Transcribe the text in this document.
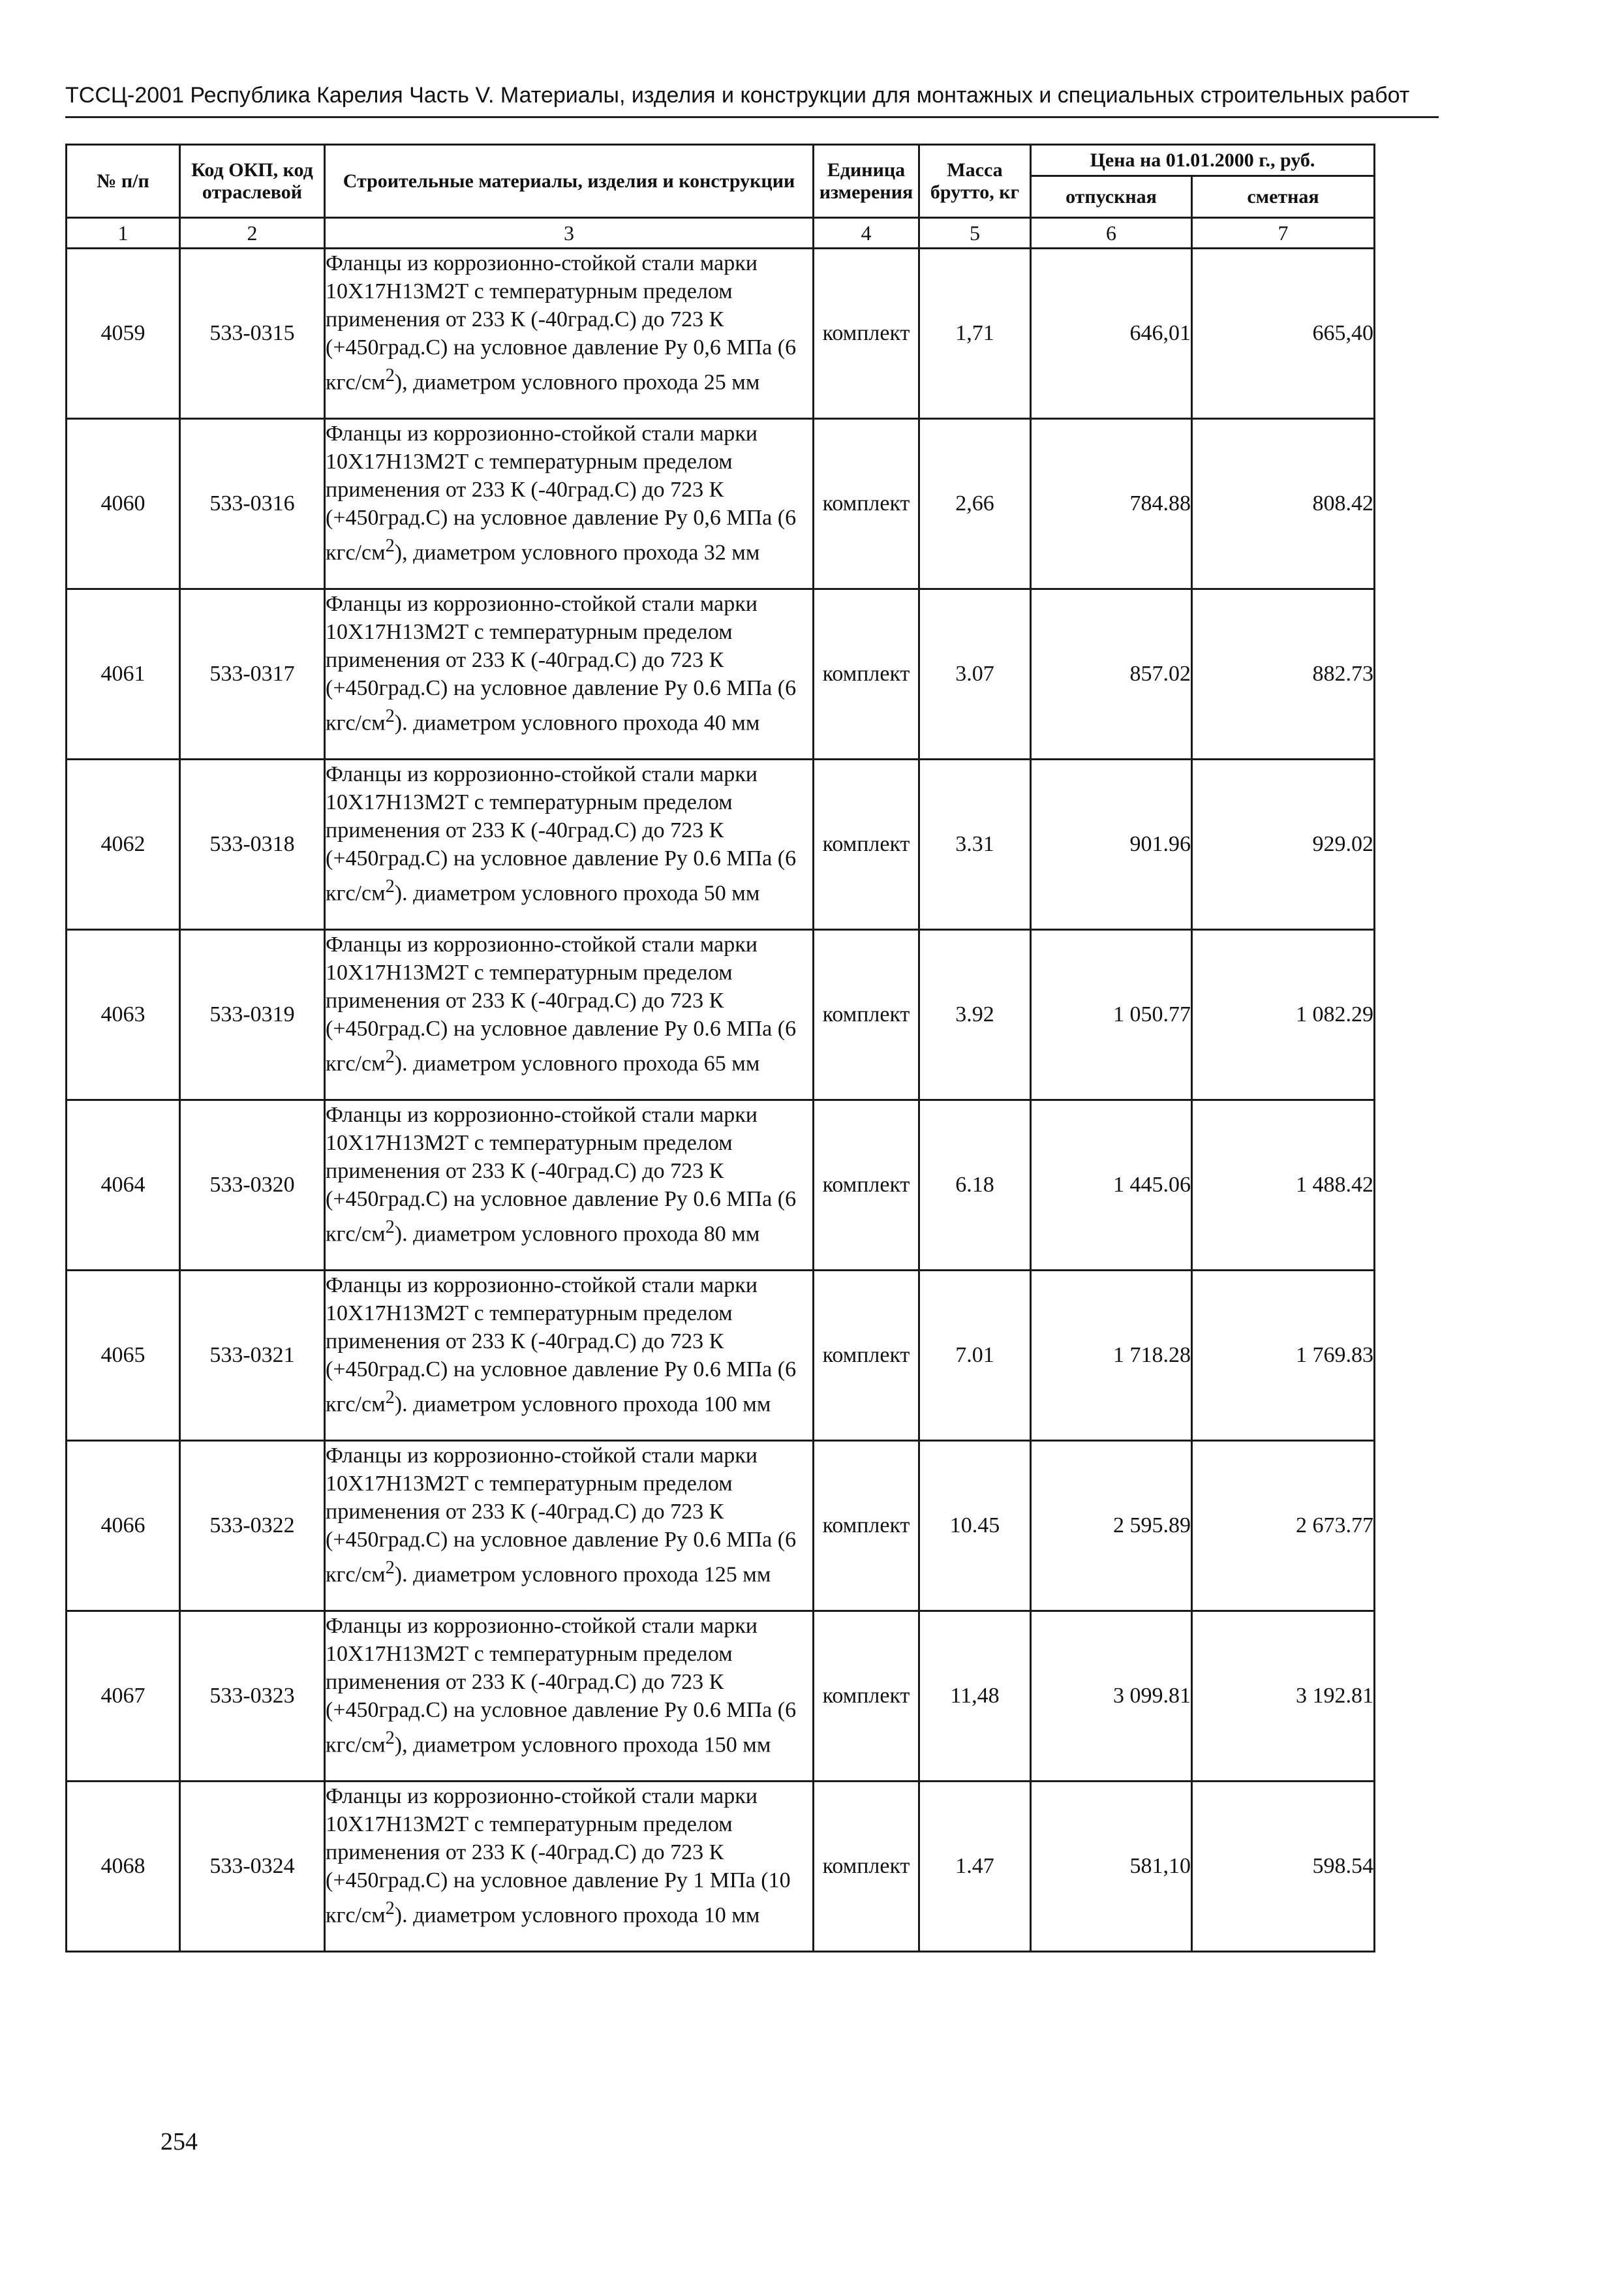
ТССЦ-2001 Республика Карелия Часть V. Материалы, изделия и конструкции для монтажных и специальных строительных работ
№ п/п	Код ОКП, код отраслевой	Строительные материалы, изделия и конструкции	Единица измерения	Масса брутто, кг	Цена на 01.01.2000 г., руб.	
					отпускная	сметная
1	2	3	4	5	6	7
4059	533-0315	Фланцы из коррозионно-стойкой стали марки 10Х17Н13М2Т с температурным пределом применения от 233 К (-40град.С) до 723 К (+450град.С) на условное давление Ру 0,6 МПа (6 кгс/$см^2$), диаметром условного прохода 25 мм	комплект	1,71	646,01	665,40
4060	533-0316	Фланцы из коррозионно-стойкой стали марки 10Х17Н13М2Т с температурным пределом применения от 233 К (-40град.С) до 723 К (+450град.С) на условное давление Ру 0,6 МПа (6 кгс/$см^2$), диаметром условного прохода 32 мм	комплект	2,66	784.88	808.42
4061	533-0317	Фланцы из коррозионно-стойкой стали марки 10Х17Н13М2Т с температурным пределом применения от 233 К (-40град.С) до 723 К (+450град.С) на условное давление Ру 0.6 МПа (6 кгс/$см^2$). диаметром условного прохода 40 мм	комплект	3.07	857.02	882.73
4062	533-0318	Фланцы из коррозионно-стойкой стали марки 10Х17Н13М2Т с температурным пределом применения от 233 К (-40град.С) до 723 К (+450град.С) на условное давление Ру 0.6 МПа (6 кгс/$см^2$). диаметром условного прохода 50 мм	комплект	3.31	901.96	929.02
4063	533-0319	Фланцы из коррозионно-стойкой стали марки 10Х17Н13М2Т с температурным пределом применения от 233 К (-40град.С) до 723 К (+450град.С) на условное давление Ру 0.6 МПа (6 кгс/$см^2$). диаметром условного прохода 65 мм	комплект	3.92	1 050.77	1 082.29
4064	533-0320	Фланцы из коррозионно-стойкой стали марки 10Х17Н13М2Т с температурным пределом применения от 233 К (-40град.С) до 723 К (+450град.С) на условное давление Ру 0.6 МПа (6 кгс/$см^2$). диаметром условного прохода 80 мм	комплект	6.18	1 445.06	1 488.42
4065	533-0321	Фланцы из коррозионно-стойкой стали марки 10Х17Н13М2Т с температурным пределом применения от 233 К (-40град.С) до 723 К (+450град.С) на условное давление Ру 0.6 МПа (6 кгс/$см^2$). диаметром условного прохода 100 мм	комплект	7.01	1 718.28	1 769.83
4066	533-0322	Фланцы из коррозионно-стойкой стали марки 10Х17Н13М2Т с температурным пределом применения от 233 К (-40град.С) до 723 К (+450град.С) на условное давление Ру 0.6 МПа (6 кгс/$см^2$). диаметром условного прохода 125 мм	комплект	10.45	2 595.89	2 673.77
4067	533-0323	Фланцы из коррозионно-стойкой стали марки 10Х17Н13М2Т с температурным пределом применения от 233 К (-40град.С) до 723 К (+450град.С) на условное давление Ру 0.6 МПа (6 кгс/$см^2$), диаметром условного прохода 150 мм	комплект	11,48	3 099.81	3 192.81
4068	533-0324	Фланцы из коррозионно-стойкой стали марки 10Х17Н13М2Т с температурным пределом применения от 233 К (-40град.С) до 723 К (+450град.С) на условное давление Ру 1 МПа (10 кгс/$см^2$). диаметром условного прохода 10 мм	комплект	1.47	581,10	598.54
254
